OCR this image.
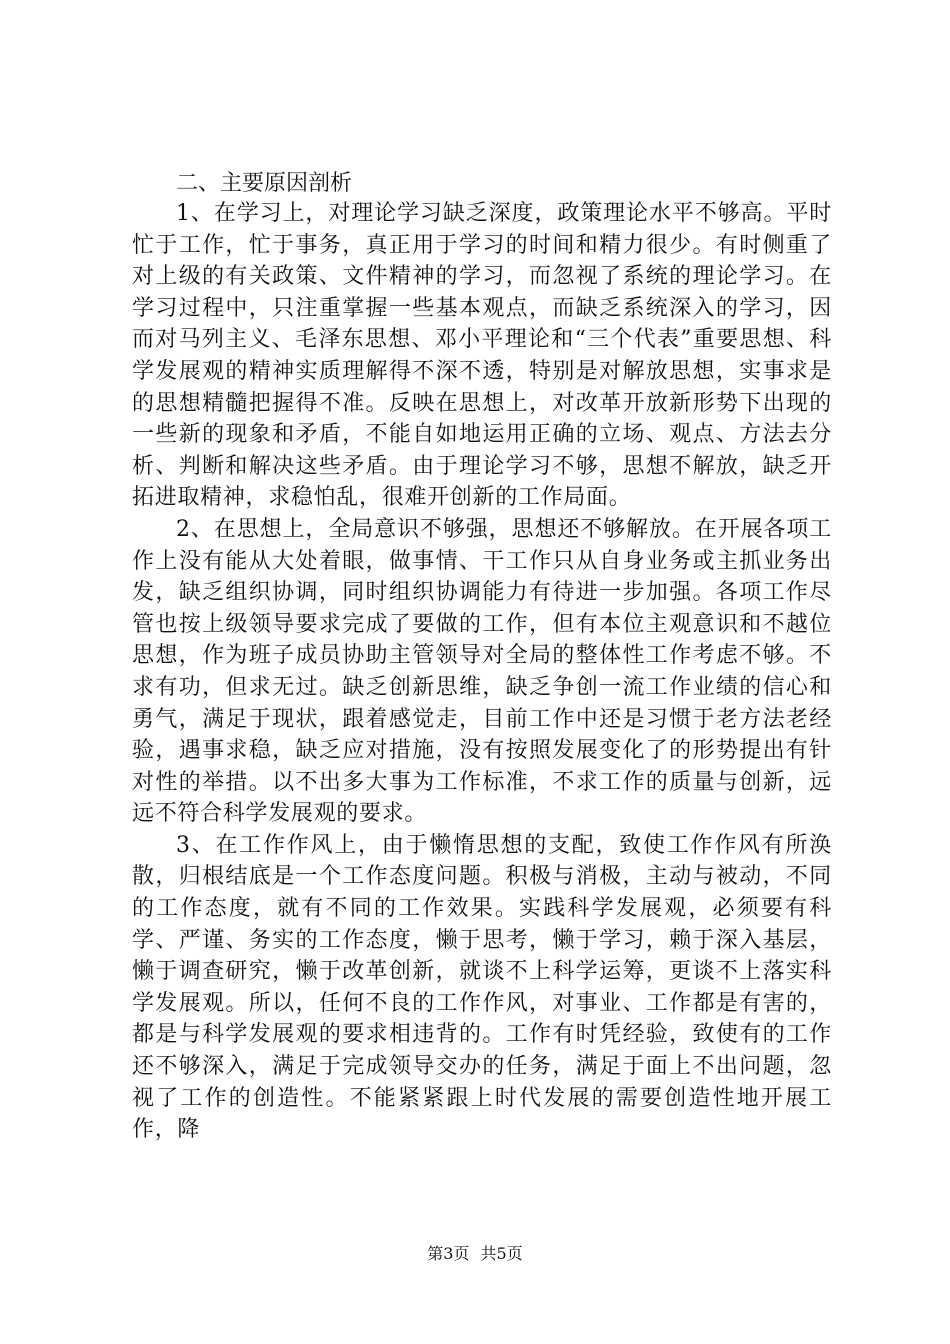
二、主要原因剖析

1、在学习上，对理论学习缺乏深度，政策理论水平不够高。平时忙于工作，忙于事务，真正用于学习的时间和精力很少。有时侧重了对上级的有关政策、文件精神的学习，而忽视了系统的理论学习。在学习过程中，只注重掌握一些基本观点，而缺乏系统深入的学习，因而对马列主义、毛泽东思想、邓小平理论和“三个代表”重要思想、科学发展观的精神实质理解得不深不透，特别是对解放思想，实事求是的思想精髓把握得不准。反映在思想上，对改革开放新形势下出现的一些新的现象和矛盾，不能自如地运用正确的立场、观点、方法去分析、判断和解决这些矛盾。由于理论学习不够，思想不解放，缺乏开拓进取精神，求稳怕乱，很难开创新的工作局面。

2、在思想上，全局意识不够强，思想还不够解放。在开展各项工作上没有能从大处着眼，做事情、干工作只从自身业务或主抓业务出发，缺乏组织协调，同时组织协调能力有待进一步加强。各项工作尽管也按上级领导要求完成了要做的工作，但有本位主观意识和不越位思想，作为班子成员协助主管领导对全局的整体性工作考虑不够。不求有功，但求无过。缺乏创新思维，缺乏争创一流工作业绩的信心和勇气，满足于现状，跟着感觉走，目前工作中还是习惯于老方法老经验，遇事求稳，缺乏应对措施，没有按照发展变化了的形势提出有针对性的举措。以不出多大事为工作标准，不求工作的质量与创新，远远不符合科学发展观的要求。

3、在工作作风上，由于懒惰思想的支配，致使工作作风有所涣散，归根结底是一个工作态度问题。积极与消极，主动与被动，不同的工作态度，就有不同的工作效果。实践科学发展观，必须要有科学、严谨、务实的工作态度，懒于思考，懒于学习，赖于深入基层，懒于调查研究，懒于改革创新，就谈不上科学运筹，更谈不上落实科学发展观。所以，任何不良的工作作风，对事业、工作都是有害的，都是与科学发展观的要求相违背的。工作有时凭经验，致使有的工作还不够深入，满足于完成领导交办的任务，满足于面上不出问题，忽视了工作的创造性。不能紧紧跟上时代发展的需要创造性地开展工作，降

第3页 共5页
